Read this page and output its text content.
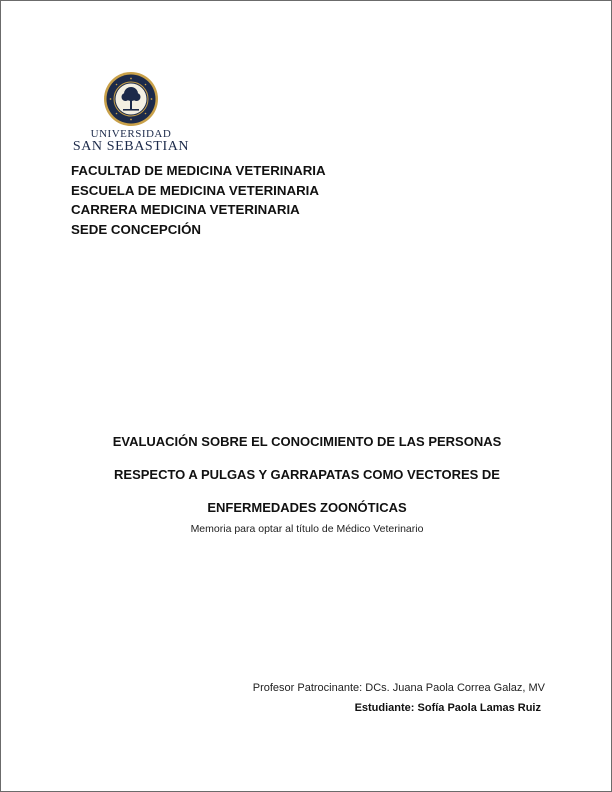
UNIVERSIDAD
SAN SEBASTIAN
FACULTAD DE MEDICINA VETERINARIA
ESCUELA DE MEDICINA VETERINARIA
CARRERA MEDICINA VETERINARIA
SEDE CONCEPCIÓN
EVALUACIÓN SOBRE EL CONOCIMIENTO DE LAS PERSONAS
RESPECTO A PULGAS Y GARRAPATAS COMO VECTORES DE
ENFERMEDADES ZOONÓTICAS
Memoria para optar al título de Médico Veterinario
Profesor Patrocinante: DCs. Juana Paola Correa Galaz, MV
Estudiante: Sofía Paola Lamas Ruiz
